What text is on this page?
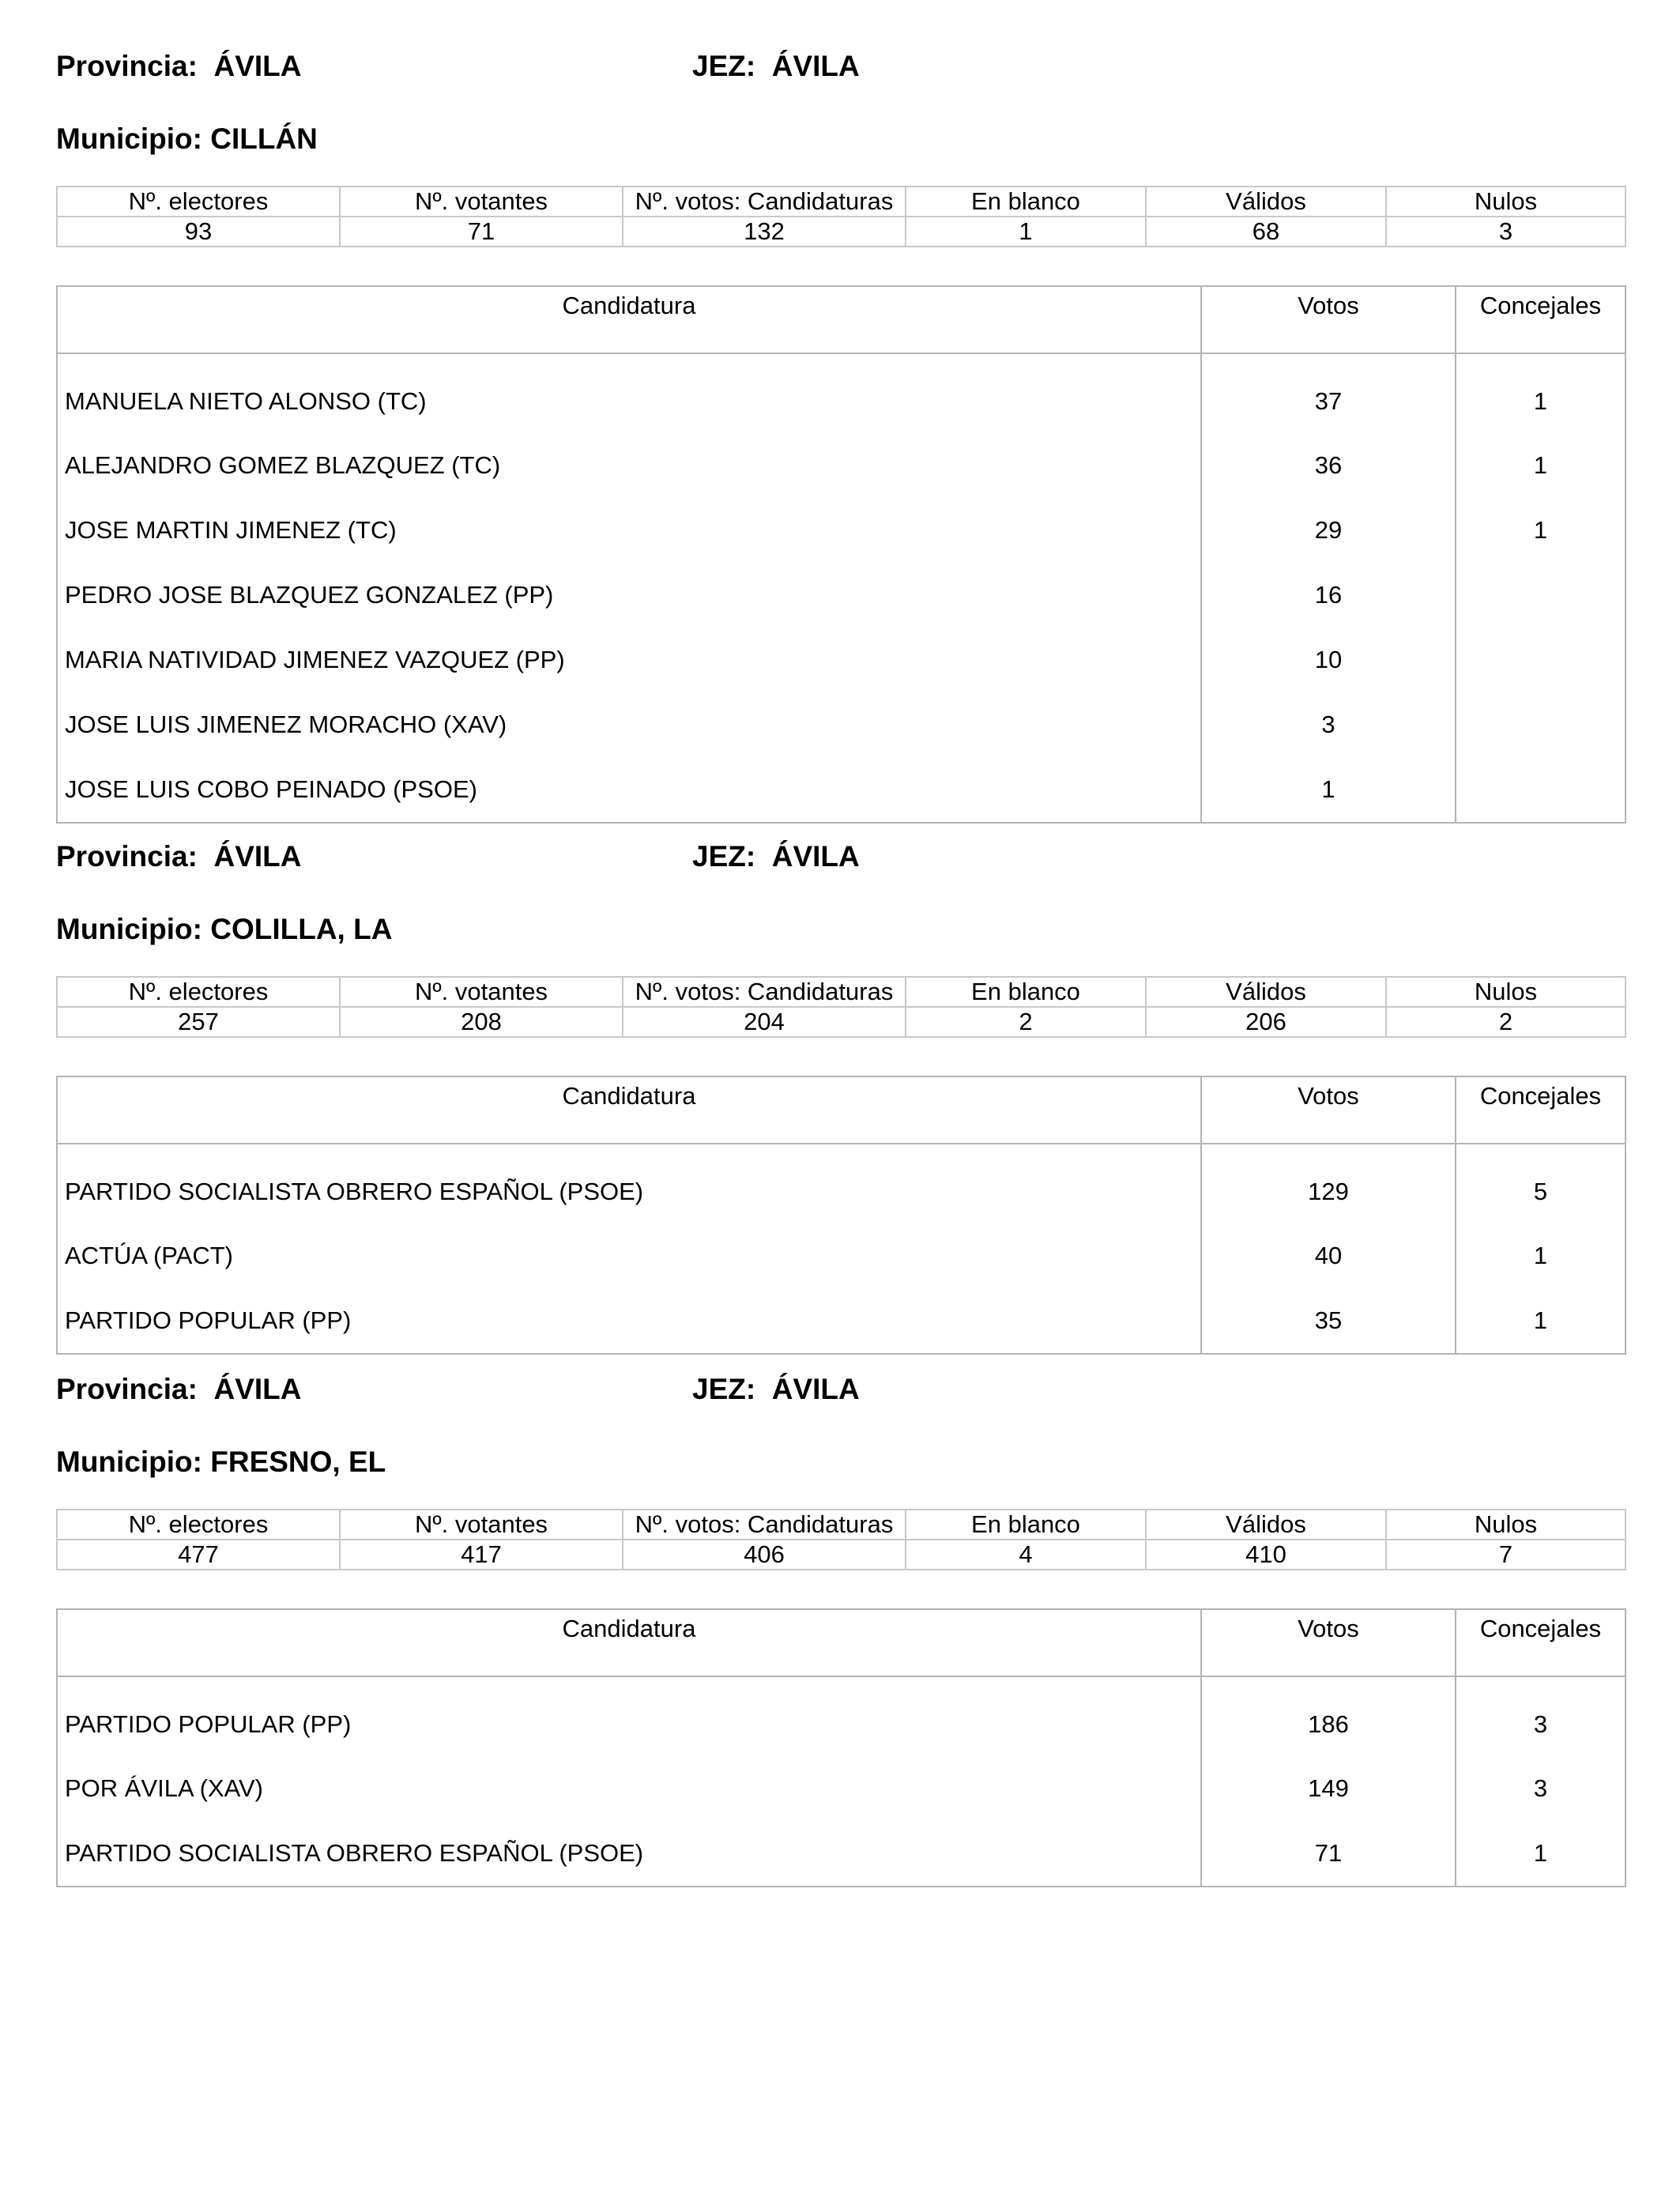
Provincia: ÁVILA	JEZ: ÁVILA
Municipio: CILLÁN
Nº. electores	Nº. votantes	Nº. votos: Candidaturas	En blanco	Válidos	Nulos
93	71	132	1	68	3
Candidatura	Votos	Concejales
MANUELA NIETO ALONSO (TC)	37	1
ALEJANDRO GOMEZ BLAZQUEZ (TC)	36	1
JOSE MARTIN JIMENEZ (TC)	29	1
PEDRO JOSE BLAZQUEZ GONZALEZ (PP)	16	
MARIA NATIVIDAD JIMENEZ VAZQUEZ (PP)	10	
JOSE LUIS JIMENEZ MORACHO (XAV)	3	
JOSE LUIS COBO PEINADO (PSOE)	1	
Provincia: ÁVILA	JEZ: ÁVILA
Municipio: COLILLA, LA
Nº. electores	Nº. votantes	Nº. votos: Candidaturas	En blanco	Válidos	Nulos
257	208	204	2	206	2
Candidatura	Votos	Concejales
PARTIDO SOCIALISTA OBRERO ESPAÑOL (PSOE)	129	5
ACTÚA (PACT)	40	1
PARTIDO POPULAR (PP)	35	1
Provincia: ÁVILA	JEZ: ÁVILA
Municipio: FRESNO, EL
Nº. electores	Nº. votantes	Nº. votos: Candidaturas	En blanco	Válidos	Nulos
477	417	406	4	410	7
Candidatura	Votos	Concejales
PARTIDO POPULAR (PP)	186	3
POR ÁVILA (XAV)	149	3
PARTIDO SOCIALISTA OBRERO ESPAÑOL (PSOE)	71	1
